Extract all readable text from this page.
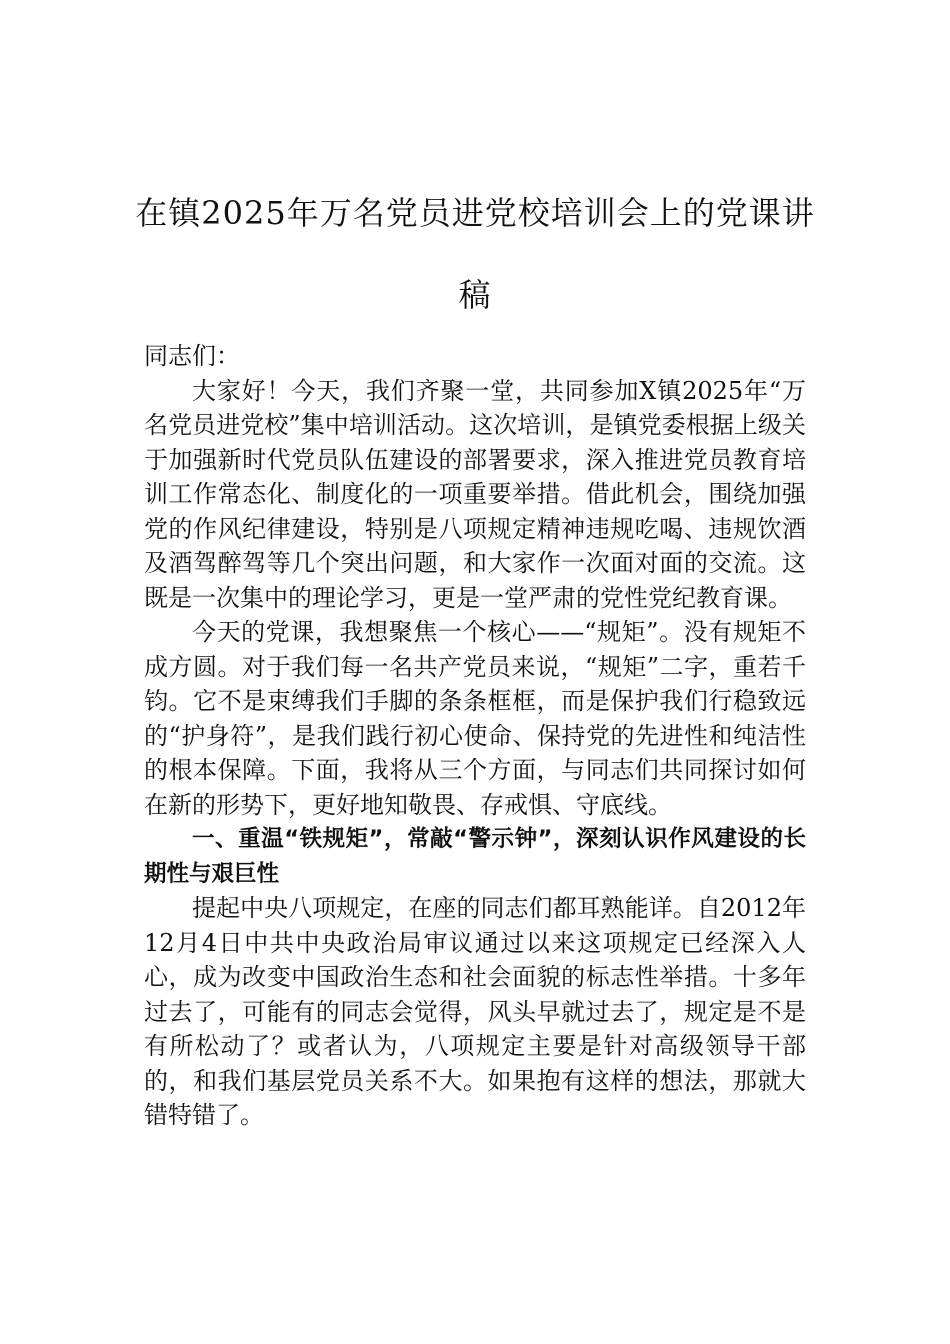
在镇2025年万名党员进党校培训会上的党课讲稿

同志们：

大家好！今天，我们齐聚一堂，共同参加X镇2025年“万名党员进党校”集中培训活动。这次培训，是镇党委根据上级关于加强新时代党员队伍建设的部署要求，深入推进党员教育培训工作常态化、制度化的一项重要举措。借此机会，围绕加强党的作风纪律建设，特别是八项规定精神违规吃喝、违规饮酒及酒驾醉驾等几个突出问题，和大家作一次面对面的交流。这既是一次集中的理论学习，更是一堂严肃的党性党纪教育课。

今天的党课，我想聚焦一个核心——“规矩”。没有规矩不成方圆。对于我们每一名共产党员来说，“规矩”二字，重若千钧。它不是束缚我们手脚的条条框框，而是保护我们行稳致远的“护身符”，是我们践行初心使命、保持党的先进性和纯洁性的根本保障。下面，我将从三个方面，与同志们共同探讨如何在新的形势下，更好地知敬畏、存戒惧、守底线。

一、重温“铁规矩”，常敲“警示钟”，深刻认识作风建设的长期性与艰巨性

提起中央八项规定，在座的同志们都耳熟能详。自2012年12月4日中共中央政治局审议通过以来这项规定已经深入人心，成为改变中国政治生态和社会面貌的标志性举措。十多年过去了，可能有的同志会觉得，风头早就过去了，规定是不是有所松动了？或者认为，八项规定主要是针对高级领导干部的，和我们基层党员关系不大。如果抱有这样的想法，那就大错特错了。
